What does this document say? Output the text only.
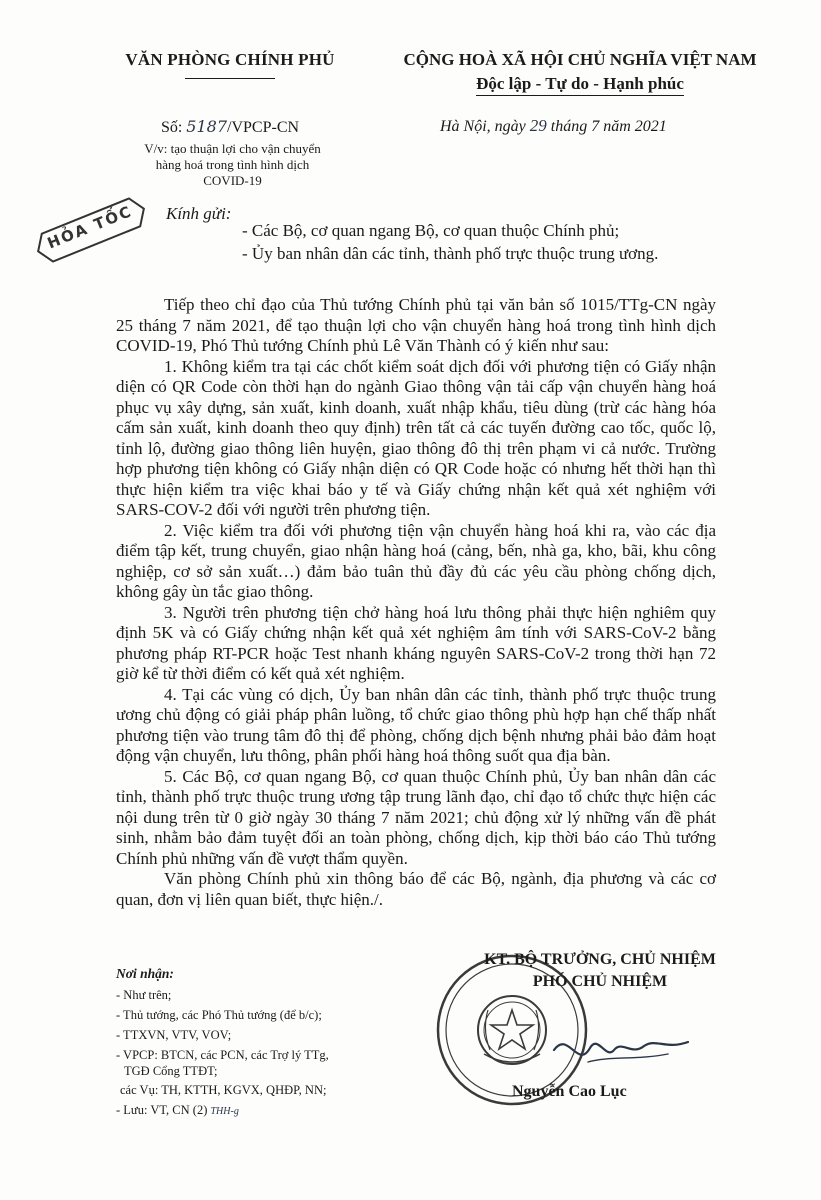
VĂN PHÒNG CHÍNH PHỦ	CỘNG HOÀ XÃ HỘI CHỦ NGHĨA VIỆT NAM
Độc lập - Tự do - Hạnh phúc
Số: 5187/VPCP-CN
V/v: tạo thuận lợi cho vận chuyển
hàng hoá trong tình hình dịch
COVID-19
Hà Nội, ngày 29 tháng 7 năm 2021
HỎA TỐC	Kính gửi:
- Các Bộ, cơ quan ngang Bộ, cơ quan thuộc Chính phủ;
- Ủy ban nhân dân các tỉnh, thành phố trực thuộc trung ương.

Tiếp theo chỉ đạo của Thủ tướng Chính phủ tại văn bản số 1015/TTg-CN ngày 25 tháng 7 năm 2021, để tạo thuận lợi cho vận chuyển hàng hoá trong tình hình dịch COVID-19, Phó Thủ tướng Chính phủ Lê Văn Thành có ý kiến như sau:

1. Không kiểm tra tại các chốt kiểm soát dịch đối với phương tiện có Giấy nhận diện có QR Code còn thời hạn do ngành Giao thông vận tải cấp vận chuyển hàng hoá phục vụ xây dựng, sản xuất, kinh doanh, xuất nhập khẩu, tiêu dùng (trừ các hàng hóa cấm sản xuất, kinh doanh theo quy định) trên tất cả các tuyến đường cao tốc, quốc lộ, tỉnh lộ, đường giao thông liên huyện, giao thông đô thị trên phạm vi cả nước. Trường hợp phương tiện không có Giấy nhận diện có QR Code hoặc có nhưng hết thời hạn thì thực hiện kiểm tra việc khai báo y tế và Giấy chứng nhận kết quả xét nghiệm với SARS-COV-2 đối với người trên phương tiện.

2. Việc kiểm tra đối với phương tiện vận chuyển hàng hoá khi ra, vào các địa điểm tập kết, trung chuyển, giao nhận hàng hoá (cảng, bến, nhà ga, kho, bãi, khu công nghiệp, cơ sở sản xuất…) đảm bảo tuân thủ đầy đủ các yêu cầu phòng chống dịch, không gây ùn tắc giao thông.

3. Người trên phương tiện chở hàng hoá lưu thông phải thực hiện nghiêm quy định 5K và có Giấy chứng nhận kết quả xét nghiệm âm tính với SARS-CoV-2 bằng phương pháp RT-PCR hoặc Test nhanh kháng nguyên SARS-CoV-2 trong thời hạn 72 giờ kể từ thời điểm có kết quả xét nghiệm.

4. Tại các vùng có dịch, Ủy ban nhân dân các tỉnh, thành phố trực thuộc trung ương chủ động có giải pháp phân luồng, tổ chức giao thông phù hợp hạn chế thấp nhất phương tiện vào trung tâm đô thị để phòng, chống dịch bệnh nhưng phải bảo đảm hoạt động vận chuyển, lưu thông, phân phối hàng hoá thông suốt qua địa bàn.

5. Các Bộ, cơ quan ngang Bộ, cơ quan thuộc Chính phủ, Ủy ban nhân dân các tỉnh, thành phố trực thuộc trung ương tập trung lãnh đạo, chỉ đạo tổ chức thực hiện các nội dung trên từ 0 giờ ngày 30 tháng 7 năm 2021; chủ động xử lý những vấn đề phát sinh, nhằm bảo đảm tuyệt đối an toàn phòng, chống dịch, kịp thời báo cáo Thủ tướng Chính phủ những vấn đề vượt thẩm quyền.

Văn phòng Chính phủ xin thông báo để các Bộ, ngành, địa phương và các cơ quan, đơn vị liên quan biết, thực hiện./.

KT. BỘ TRƯỞNG, CHỦ NHIỆM
PHÓ CHỦ NHIỆM
Nguyễn Cao Lục
Nơi nhận:
- Như trên;
- Thủ tướng, các Phó Thủ tướng (để b/c);
- TTXVN, VTV, VOV;
- VPCP: BTCN, các PCN, các Trợ lý TTg,
TGĐ Cổng TTĐT;
các Vụ: TH, KTTH, KGVX, QHĐP, NN;
- Lưu: VT, CN (2) THH-g
